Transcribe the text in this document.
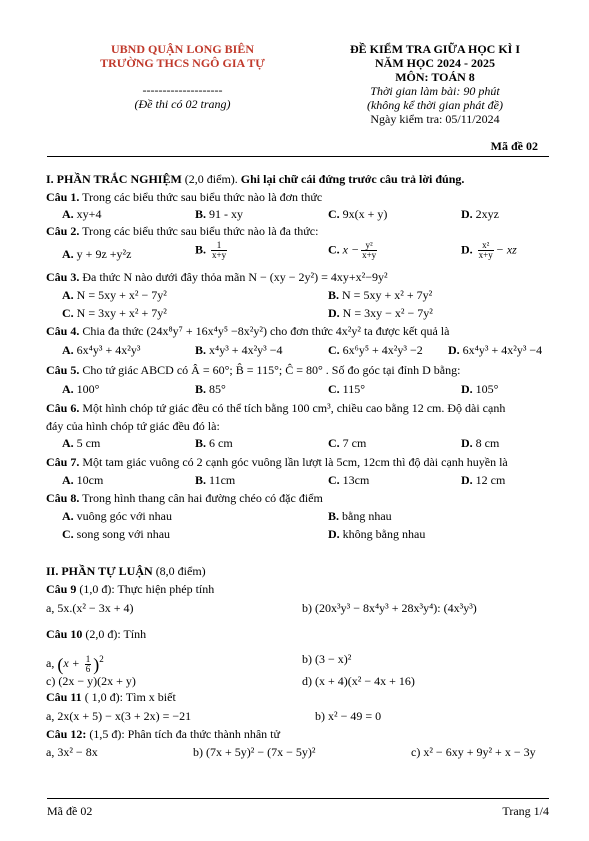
UBND QUẬN LONG BIÊN
TRƯỜNG THCS NGÔ GIA TỰ
--------------------
(Đề thi có 02 trang)
ĐỀ KIỂM TRA GIỮA HỌC KÌ I
NĂM HỌC 2024 - 2025
MÔN: TOÁN 8
Thời gian làm bài: 90 phút
(không kể thời gian phát đề)
Ngày kiểm tra: 05/11/2024
Mã đề 02
I. PHẦN TRẮC NGHIỆM (2,0 điểm). Ghi lại chữ cái đứng trước câu trả lời đúng.
Câu 1. Trong các biểu thức sau biểu thức nào là đơn thức
A. xy+4	B. 91 - xy	C. 9x(x + y)	D. 2xyz
Câu 2. Trong các biểu thức sau biểu thức nào là đa thức:
A. y + 9z +y²z	B. $\frac{1}{x+y}$	C. $x - \frac{\text{y²}}{x+y}$	D. $\frac{\text{x²}}{x+y}$ − xz
Câu 3. Đa thức N nào dưới đây thỏa mãn N − (xy − 2y²) = 4xy+x²−9y²
A. N = 5xy + x² − 7y²	B. N = 5xy + x² + 7y²
C. N = 3xy + x² + 7y²	D. N = 3xy − x² − 7y²
Câu 4. Chia đa thức (24x⁸y⁷ + 16x⁴y⁵ −8x²y²) cho đơn thức 4x²y² ta được kết quả là
A. 6x⁴y³ + 4x²y³	B. x⁴y³ + 4x²y³ −4	C. 6x⁶y⁵ + 4x²y³ −2 D. 6x⁴y³ + 4x²y³ −4
Câu 5. Cho tứ giác ABCD có Â = 60°; B̂ = 115°; Ĉ = 80° . Số đo góc tại đỉnh D bằng:
A. 100°	B. 85°	C. 115°	D. 105°
Câu 6. Một hình chóp tứ giác đều có thể tích bằng 100 cm³, chiều cao bằng 12 cm. Độ dài cạnh
đáy của hình chóp tứ giác đều đó là:
A. 5 cm	B. 6 cm	C. 7 cm	D. 8 cm
Câu 7. Một tam giác vuông có 2 cạnh góc vuông lần lượt là 5cm, 12cm thì độ dài cạnh huyền là
A. 10cm	B. 11cm	C. 13cm	D. 12 cm
Câu 8. Trong hình thang cân hai đường chéo có đặc điểm
A. vuông góc với nhau	B. bằng nhau
C. song song với nhau	D. không bằng nhau
II. PHẦN TỰ LUẬN (8,0 điểm)
Câu 9 (1,0 đ): Thực hiện phép tính
a, 5x.(x² − 3x + 4)	b) (20x³y³ − 8x⁴y³ + 28x³y⁴): (4x³y³)
Câu 10 (2,0 đ): Tính
a, $(x + \frac{1}{6} )^2$	b) (3 − x)²
c) (2x − y)(2x + y)	d) (x + 4)(x² − 4x + 16)
Câu 11 ( 1,0 đ): Tìm x biết
a, 2x(x + 5) − x(3 + 2x) = −21	b) x² − 49 = 0
Câu 12: (1,5 đ): Phân tích đa thức thành nhân tử
a, 3x² − 8x	b) (7x + 5y)² − (7x − 5y)²	c) x² − 6xy + 9y² + x − 3y
Mã đề 02	Trang 1/4
